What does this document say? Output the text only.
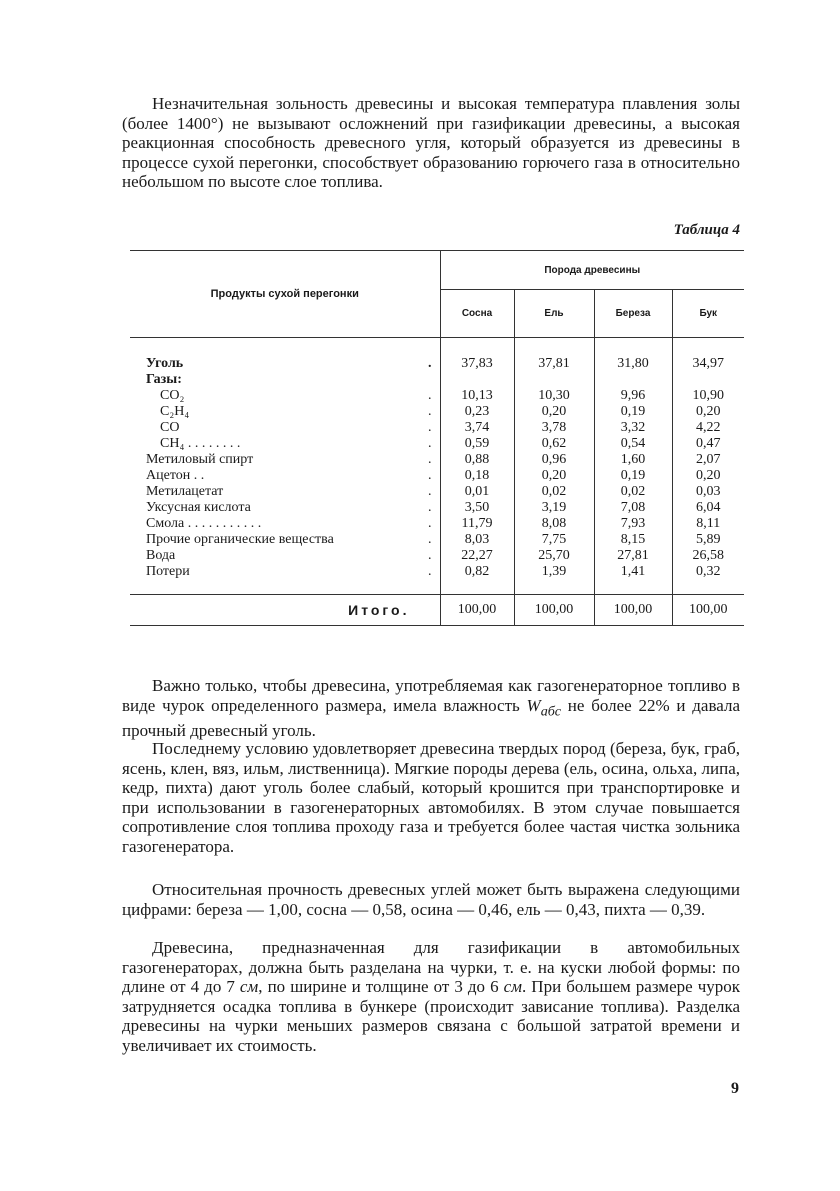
Незначительная зольность древесины и высокая температура плавления золы (более 1400°) не вызывают осложнений при газификации древесины, а высокая реакционная способность древесного угля, который образуется из древесины в процессе сухой перегонки, способствует образованию горючего газа в относительно небольшом по высоте слое топлива.

Таблица 4
Продукты сухой перегонки	Порода древесины			
	Сосна	Ель	Береза	Бук

Уголь .	37,83	37,81	31,80	34,97
Газы:				
CO₂ .	10,13	10,30	9,96	10,90
C₂H₄ .	0,23	0,20	0,19	0,20
CO .	3,74	3,78	3,32	4,22
CH₄ . . . . . . . . .	0,59	0,62	0,54	0,47
Метиловый спирт .	0,88	0,96	1,60	2,07
Ацетон . . .	0,18	0,20	0,19	0,20
Метилацетат .	0,01	0,02	0,02	0,03
Уксусная кислота .	3,50	3,19	7,08	6,04
Смола . . . . . . . . . . . .	11,79	8,08	7,93	8,11
Прочие органические вещества .	8,03	7,75	8,15	5,89
Вода .	22,27	25,70	27,81	26,58
Потери .	0,82	1,39	1,41	0,32

Итого.	100,00	100,00	100,00	100,00

Важно только, чтобы древесина, употребляемая как газогенераторное топливо в виде чурок определенного размера, имела влажность $W_{абс}$ не более 22% и давала прочный древесный уголь.

Последнему условию удовлетворяет древесина твердых пород (береза, бук, граб, ясень, клен, вяз, ильм, лиственница). Мягкие породы дерева (ель, осина, ольха, липа, кедр, пихта) дают уголь более слабый, который крошится при транспортировке и при использовании в газогенераторных автомобилях. В этом случае повышается сопротивление слоя топлива проходу газа и требуется более частая чистка зольника газогенератора.

Относительная прочность древесных углей может быть выражена следующими цифрами: береза — 1,00, сосна — 0,58, осина — 0,46, ель — 0,43, пихта — 0,39.

Древесина, предназначенная для газификации в автомобильных газогенераторах, должна быть разделана на чурки, т. е. на куски любой формы: по длине от 4 до 7 см, по ширине и толщине от 3 до 6 см. При большем размере чурок затрудняется осадка топлива в бункере (происходит зависание топлива). Разделка древесины на чурки меньших размеров связана с большой затратой времени и увеличивает их стоимость.

9
